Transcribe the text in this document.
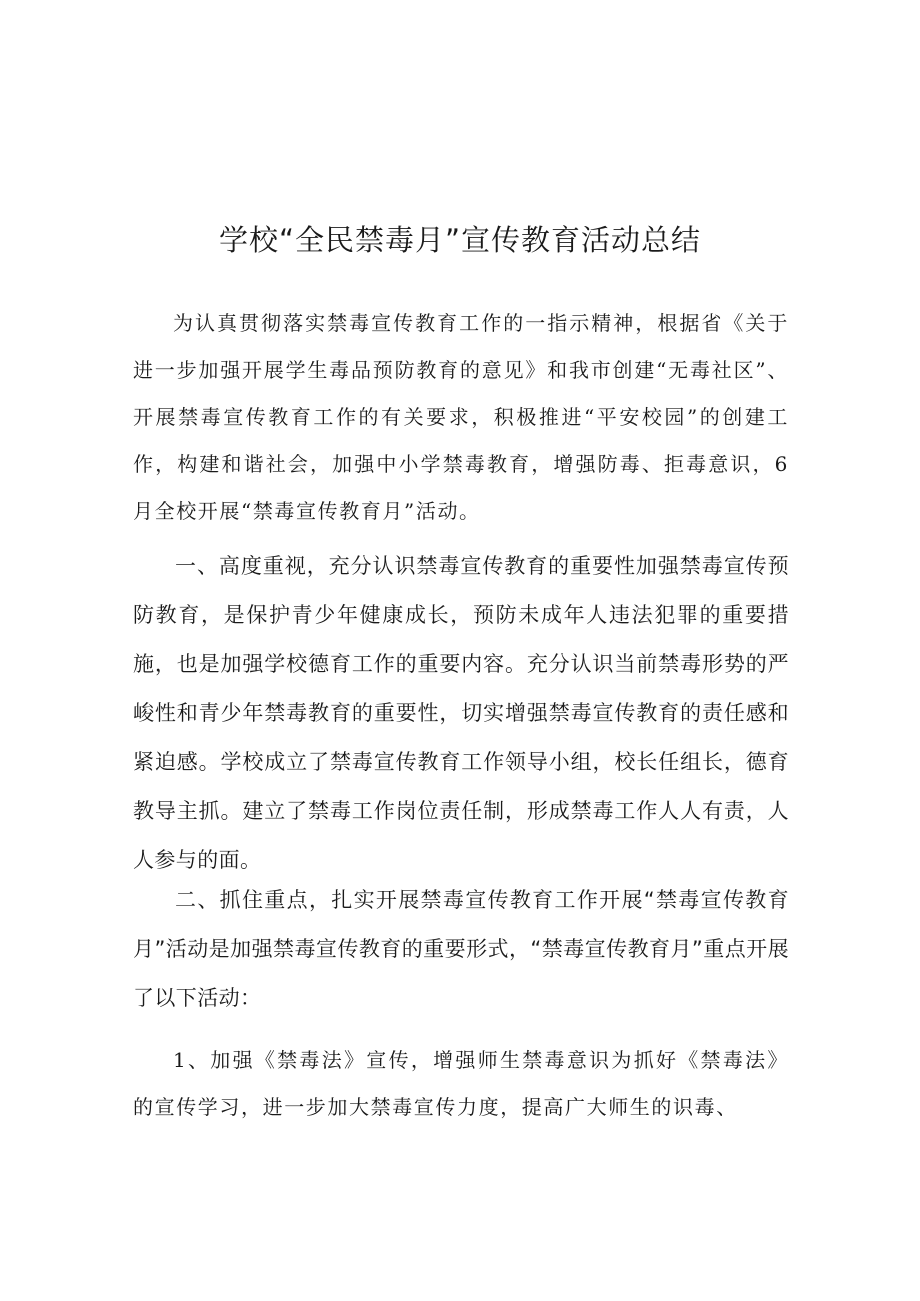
学校“全民禁毒月”宣传教育活动总结

为认真贯彻落实禁毒宣传教育工作的一指示精神，根据省《关于进一步加强开展学生毒品预防教育的意见》和我市创建“无毒社区”、开展禁毒宣传教育工作的有关要求，积极推进“平安校园”的创建工作，构建和谐社会，加强中小学禁毒教育，增强防毒、拒毒意识，6月全校开展“禁毒宣传教育月”活动。

一、高度重视，充分认识禁毒宣传教育的重要性加强禁毒宣传预防教育，是保护青少年健康成长，预防未成年人违法犯罪的重要措施，也是加强学校德育工作的重要内容。充分认识当前禁毒形势的严峻性和青少年禁毒教育的重要性，切实增强禁毒宣传教育的责任感和紧迫感。学校成立了禁毒宣传教育工作领导小组，校长任组长，德育教导主抓。建立了禁毒工作岗位责任制，形成禁毒工作人人有责，人人参与的面。

二、抓住重点，扎实开展禁毒宣传教育工作开展“禁毒宣传教育月”活动是加强禁毒宣传教育的重要形式，“禁毒宣传教育月”重点开展了以下活动：

1、加强《禁毒法》宣传，增强师生禁毒意识为抓好《禁毒法》的宣传学习，进一步加大禁毒宣传力度，提高广大师生的识毒、
